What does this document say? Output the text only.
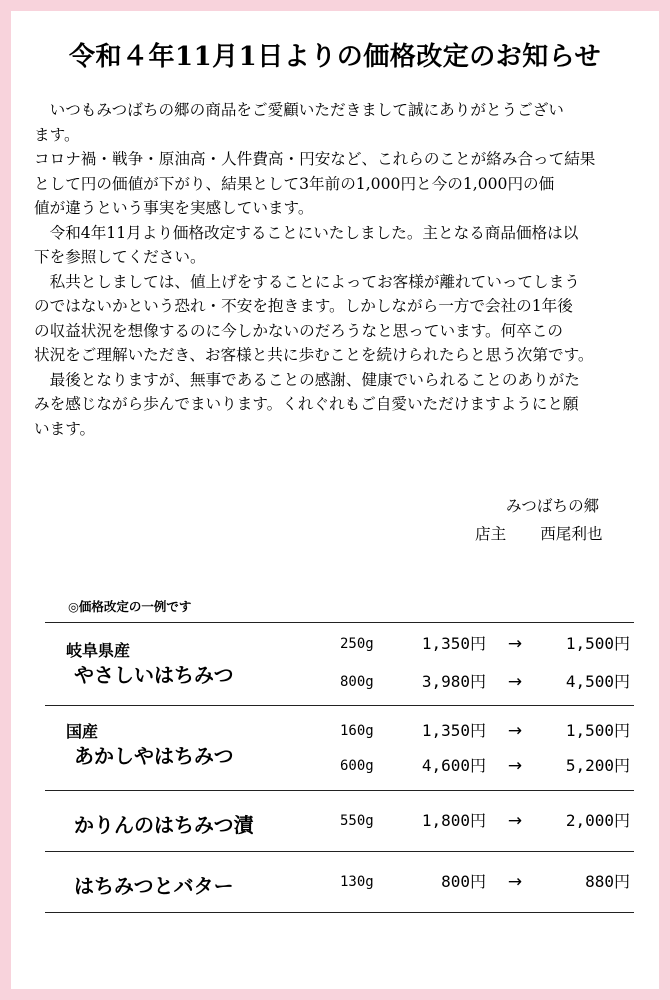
令和４年11月1日よりの価格改定のお知らせ

　いつもみつばちの郷の商品をご愛顧いただきまして誠にありがとうござい
ます。

コロナ禍・戦争・原油高・人件費高・円安など、これらのことが絡み合って結果
として円の価値が下がり、結果として3年前の1,000円と今の1,000円の価
値が違うという事実を実感しています。

　令和4年11月より価格改定することにいたしました。主となる商品価格は以
下を参照してください。

　私共としましては、値上げをすることによってお客様が離れていってしまう
のではないかという恐れ・不安を抱きます。しかしながら一方で会社の1年後
の収益状況を想像するのに今しかないのだろうなと思っています。何卒この
状況をご理解いただき、お客様と共に歩むことを続けられたらと思う次第です。

　最後となりますが、無事であることの感謝、健康でいられることのありがた
みを感じながら歩んでまいります。くれぐれもご自愛いただけますようにと願
います。

みつばちの郷
店主 西尾利也
◎価格改定の一例です
岐阜県産
やさしいはちみつ
250g	1,350円	→	1,500円
800g	3,980円	→	4,500円
国産
あかしやはちみつ
160g	1,350円	→	1,500円
600g	4,600円	→	5,200円
かりんのはちみつ漬	550g	1,800円	→	2,000円
はちみつとバター	130g	800円	→	880円
